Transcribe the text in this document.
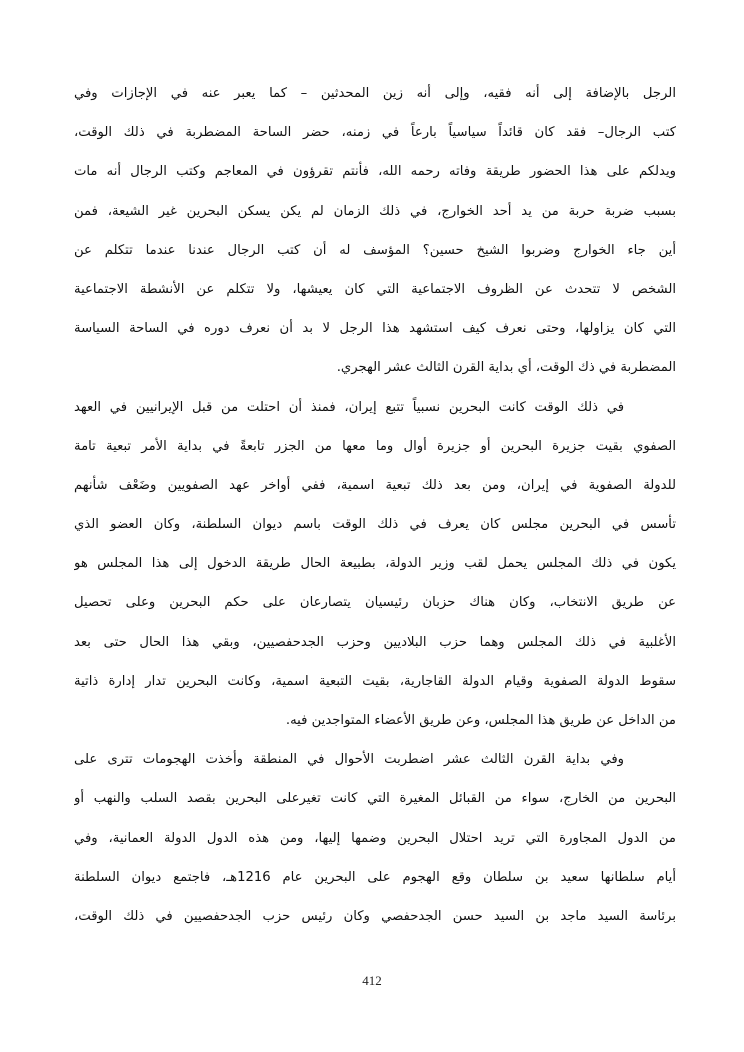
الرجل بالإضافة إلى أنه فقيه، وإلى أنه زين المحدثين – كما يعبر عنه في الإجازات وفي
كتب الرجال– فقد كان قائداً سياسياً بارعاً في زمنه، حضر الساحة المضطربة في ذلك الوقت،
ويدلكم على هذا الحضور طريقة وفاته رحمه الله، فأنتم تقرؤون في المعاجم وكتب الرجال أنه مات
بسبب ضربة حربة من يد أحد الخوارج، في ذلك الزمان لم يكن يسكن البحرين غير الشيعة، فمن
أين جاء الخوارج وضربوا الشيخ حسين؟ المؤسف له أن كتب الرجال عندنا عندما تتكلم عن
الشخص لا تتحدث عن الظروف الاجتماعية التي كان يعيشها، ولا تتكلم عن الأنشطة الاجتماعية
التي كان يزاولها، وحتى نعرف كيف استشهد هذا الرجل لا بد أن نعرف دوره في الساحة السياسة
المضطربة في ذك الوقت، أي بداية القرن الثالث عشر الهجري.
في ذلك الوقت كانت البحرين نسبياً تتبع إيران، فمنذ أن احتلت من قبل الإيرانيين في العهد
الصفوي بقيت جزيرة البحرين أو جزيرة أوال وما معها من الجزر تابعةً في بداية الأمر تبعية تامة
للدولة الصفوية في إيران، ومن بعد ذلك تبعية اسمية، ففي أواخر عهد الصفويين وضَعْف شأنهم
تأسس في البحرين مجلس كان يعرف في ذلك الوقت باسم ديوان السلطنة، وكان العضو الذي
يكون في ذلك المجلس يحمل لقب وزير الدولة، بطبيعة الحال طريقة الدخول إلى هذا المجلس هو
عن طريق الانتخاب، وكان هناك حزبان رئيسيان يتصارعان على حكم البحرين وعلى تحصيل
الأغلبية في ذلك المجلس وهما حزب البلاديين وحزب الجدحفصيين، وبقي هذا الحال حتى بعد
سقوط الدولة الصفوية وقيام الدولة القاجارية، بقيت التبعية اسمية، وكانت البحرين تدار إدارة ذاتية
من الداخل عن طريق هذا المجلس، وعن طريق الأعضاء المتواجدين فيه.
وفي بداية القرن الثالث عشر اضطربت الأحوال في المنطقة وأخذت الهجومات تترى على
البحرين من الخارج، سواء من القبائل المغيرة التي كانت تغيرعلى البحرين بقصد السلب والنهب أو
من الدول المجاورة التي تريد احتلال البحرين وضمها إليها، ومن هذه الدول الدولة العمانية، وفي
أيام سلطانها سعيد بن سلطان وقع الهجوم على البحرين عام 1216هـ، فاجتمع ديوان السلطنة
برئاسة السيد ماجد بن السيد حسن الجدحفصي وكان رئيس حزب الجدحفصيين في ذلك الوقت،
412
